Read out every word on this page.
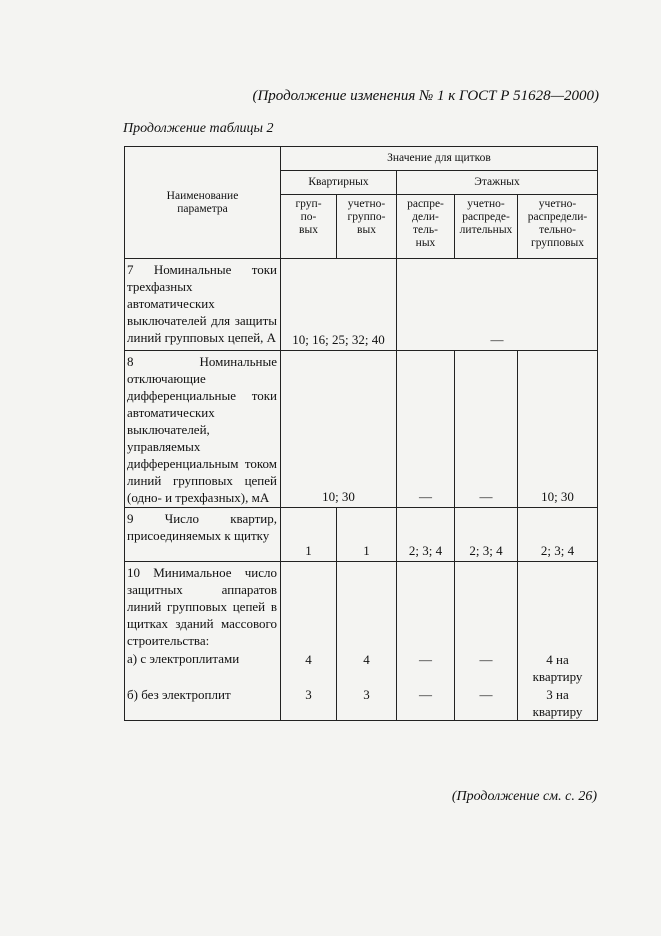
(Продолжение изменения № 1 к ГОСТ Р 51628—2000)
Продолжение таблицы 2
Наименование
параметра	Значение для щитков				
	Квартирных		Этажных		
	груп-
по-
вых	учетно-
группо-
вых	распре-
дели-
тель-
ных	учетно-
распреде-
лительных	учетно-
распредели-
тельно-
групповых
7 Номинальные токи трехфазных автоматических выключателей для защиты линий групповых цепей, А	10; 16; 25; 32; 40		—		
8 Номинальные отключающие дифференциальные токи автоматических выключателей, управляемых дифференциальным током линий групповых цепей (одно- и трехфазных), мА	10; 30		—	—	10; 30
9 Число квартир, присоединяемых к щитку	1	1	2; 3; 4	2; 3; 4	2; 3; 4
10 Минимальное число защитных аппаратов линий групповых цепей в щитках зданий массового строительства:					
а) с электроплитами	4	4	—	—	4 на квартиру
б) без электроплит	3	3	—	—	3 на квартиру
(Продолжение см. с. 26)
